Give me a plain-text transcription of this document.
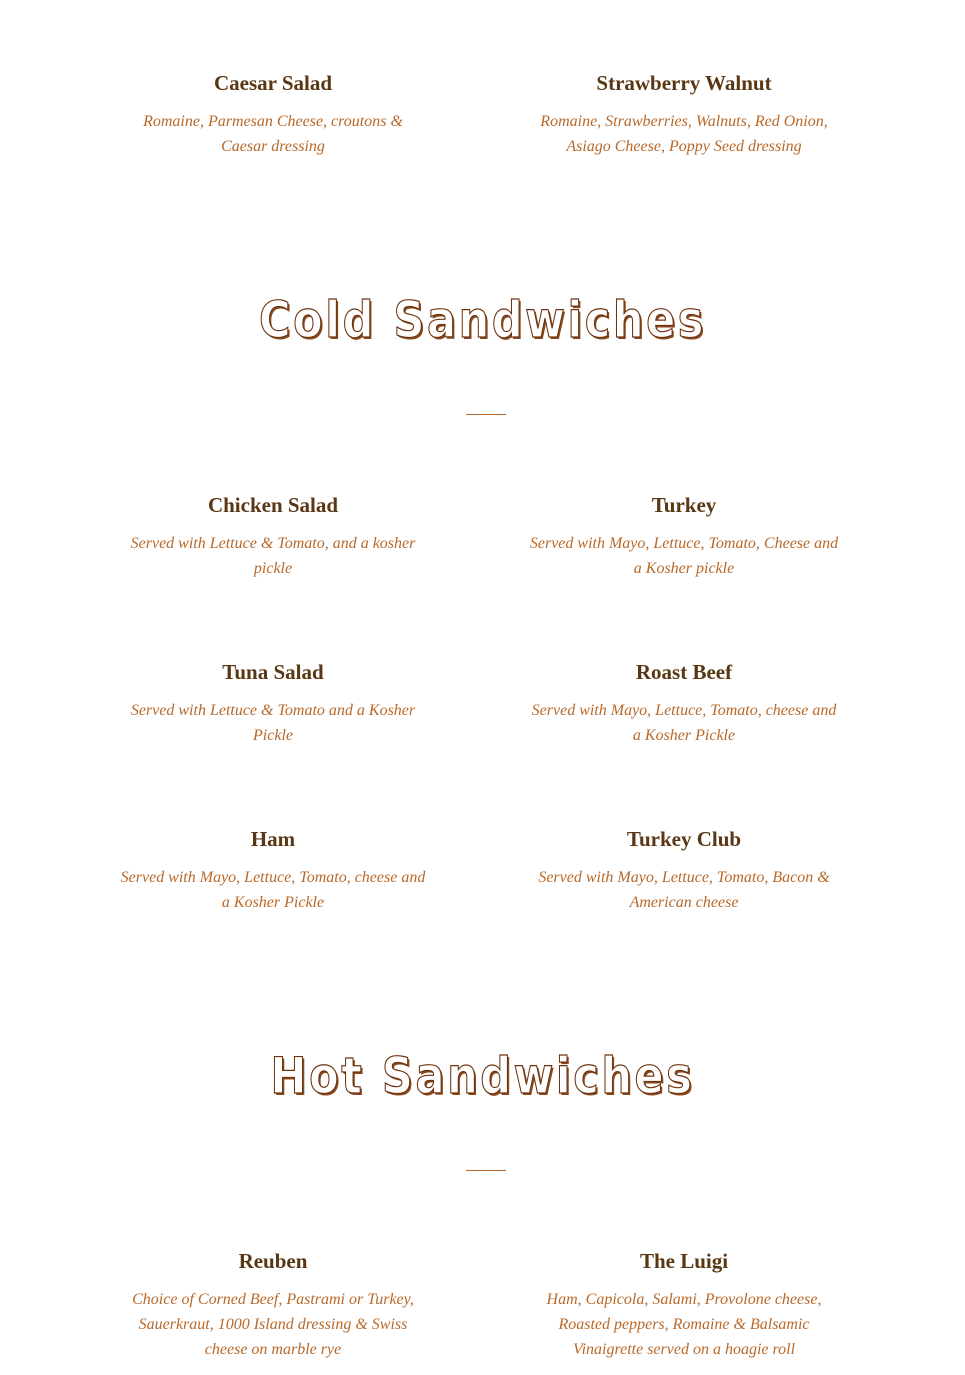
Caesar Salad

Romaine, Parmesan Cheese, croutons & Caesar dressing

Strawberry Walnut

Romaine, Strawberries, Walnuts, Red Onion, Asiago Cheese, Poppy Seed dressing

Cold Sandwiches
Chicken Salad

Served with Lettuce & Tomato, and a kosher pickle

Turkey

Served with Mayo, Lettuce, Tomato, Cheese and a Kosher pickle

Tuna Salad

Served with Lettuce & Tomato and a Kosher Pickle

Roast Beef

Served with Mayo, Lettuce, Tomato, cheese and a Kosher Pickle

Ham

Served with Mayo, Lettuce, Tomato, cheese and a Kosher Pickle

Turkey Club

Served with Mayo, Lettuce, Tomato, Bacon & American cheese

Hot Sandwiches
Reuben

Choice of Corned Beef, Pastrami or Turkey, Sauerkraut, 1000 Island dressing & Swiss cheese on marble rye

The Luigi

Ham, Capicola, Salami, Provolone cheese, Roasted peppers, Romaine & Balsamic Vinaigrette served on a hoagie roll
